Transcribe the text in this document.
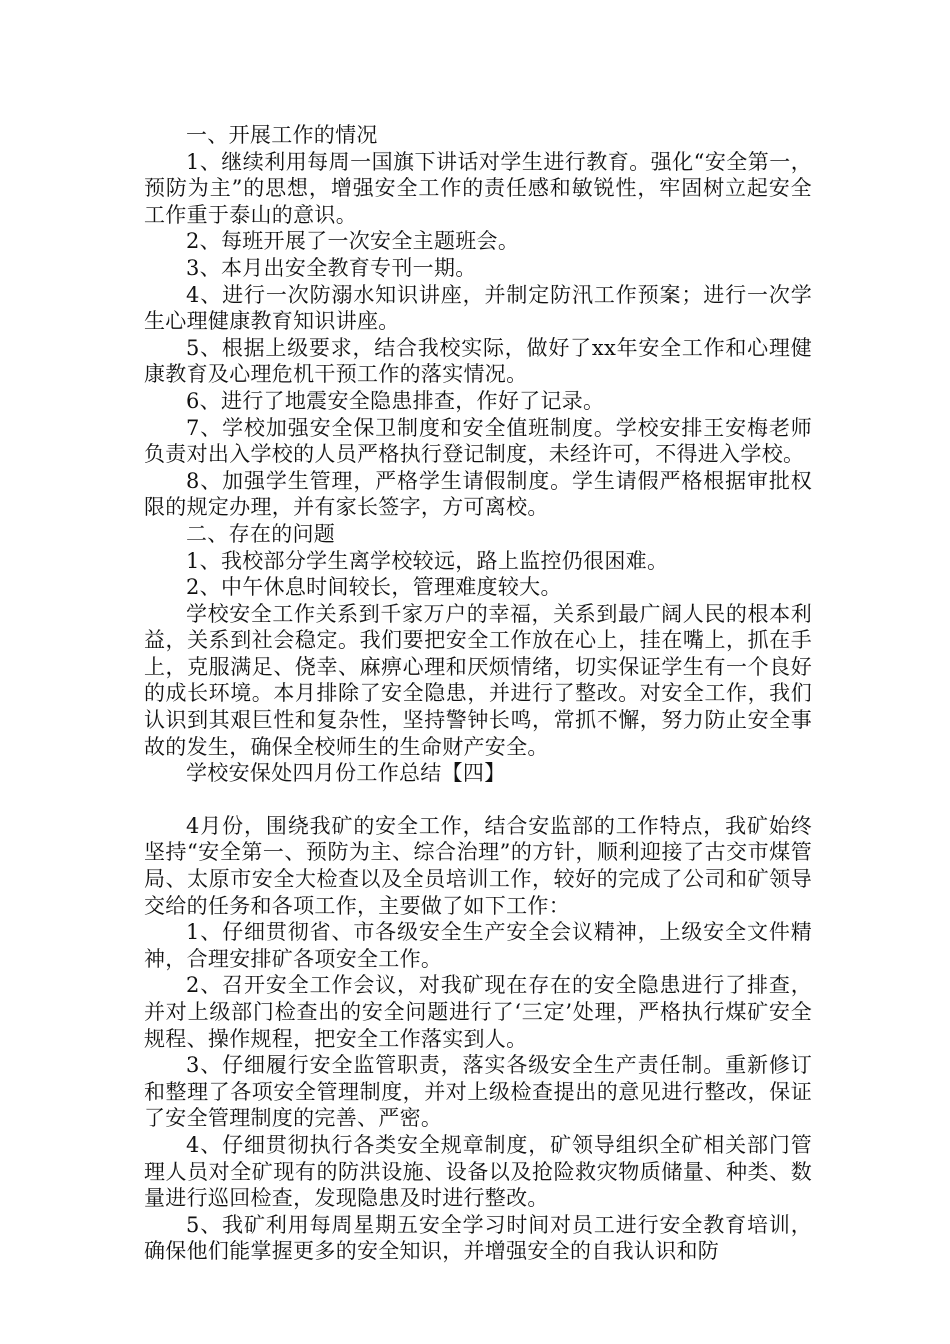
一、开展工作的情况

1、继续利用每周一国旗下讲话对学生进行教育。强化“安全第一，预防为主”的思想，增强安全工作的责任感和敏锐性，牢固树立起安全工作重于泰山的意识。

2、每班开展了一次安全主题班会。

3、本月出安全教育专刊一期。

4、进行一次防溺水知识讲座，并制定防汛工作预案；进行一次学生心理健康教育知识讲座。

5、根据上级要求，结合我校实际，做好了xx年安全工作和心理健康教育及心理危机干预工作的落实情况。

6、进行了地震安全隐患排查，作好了记录。

7、学校加强安全保卫制度和安全值班制度。学校安排王安梅老师负责对出入学校的人员严格执行登记制度，未经许可，不得进入学校。

8、加强学生管理，严格学生请假制度。学生请假严格根据审批权限的规定办理，并有家长签字，方可离校。

二、存在的问题

1、我校部分学生离学校较远，路上监控仍很困难。

2、中午休息时间较长，管理难度较大。

学校安全工作关系到千家万户的幸福，关系到最广阔人民的根本利益，关系到社会稳定。我们要把安全工作放在心上，挂在嘴上，抓在手上，克服满足、侥幸、麻痹心理和厌烦情绪，切实保证学生有一个良好的成长环境。本月排除了安全隐患，并进行了整改。对安全工作，我们认识到其艰巨性和复杂性，坚持警钟长鸣，常抓不懈，努力防止安全事故的发生，确保全校师生的生命财产安全。

学校安保处四月份工作总结【四】

4月份，围绕我矿的安全工作，结合安监部的工作特点，我矿始终坚持“安全第一、预防为主、综合治理”的方针，顺利迎接了古交市煤管局、太原市安全大检查以及全员培训工作，较好的完成了公司和矿领导交给的任务和各项工作，主要做了如下工作：

1、仔细贯彻省、市各级安全生产安全会议精神，上级安全文件精神，合理安排矿各项安全工作。

2、召开安全工作会议，对我矿现在存在的安全隐患进行了排查，并对上级部门检查出的安全问题进行了‘三定’处理，严格执行煤矿安全规程、操作规程，把安全工作落实到人。

3、仔细履行安全监管职责，落实各级安全生产责任制。重新修订和整理了各项安全管理制度，并对上级检查提出的意见进行整改，保证了安全管理制度的完善、严密。

4、仔细贯彻执行各类安全规章制度，矿领导组织全矿相关部门管理人员对全矿现有的防洪设施、设备以及抢险救灾物质储量、种类、数量进行巡回检查，发现隐患及时进行整改。

5、我矿利用每周星期五安全学习时间对员工进行安全教育培训，确保他们能掌握更多的安全知识，并增强安全的自我认识和防
